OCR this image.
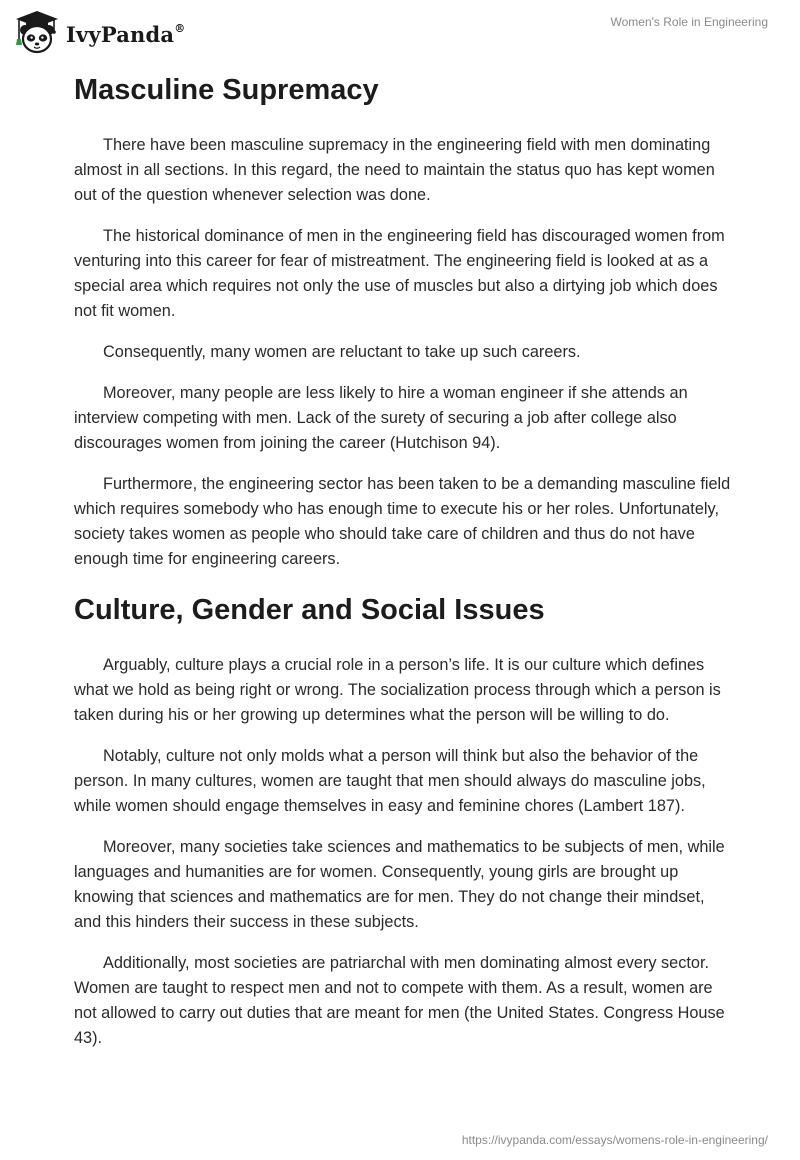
IvyPanda®	Women's Role in Engineering
Masculine Supremacy

There have been masculine supremacy in the engineering field with men dominating almost in all sections. In this regard, the need to maintain the status quo has kept women out of the question whenever selection was done.

The historical dominance of men in the engineering field has discouraged women from venturing into this career for fear of mistreatment. The engineering field is looked at as a special area which requires not only the use of muscles but also a dirtying job which does not fit women.

Consequently, many women are reluctant to take up such careers.

Moreover, many people are less likely to hire a woman engineer if she attends an interview competing with men. Lack of the surety of securing a job after college also discourages women from joining the career (Hutchison 94).

Furthermore, the engineering sector has been taken to be a demanding masculine field which requires somebody who has enough time to execute his or her roles. Unfortunately, society takes women as people who should take care of children and thus do not have enough time for engineering careers.

Culture, Gender and Social Issues

Arguably, culture plays a crucial role in a person’s life. It is our culture which defines what we hold as being right or wrong. The socialization process through which a person is taken during his or her growing up determines what the person will be willing to do.

Notably, culture not only molds what a person will think but also the behavior of the person. In many cultures, women are taught that men should always do masculine jobs, while women should engage themselves in easy and feminine chores (Lambert 187).

Moreover, many societies take sciences and mathematics to be subjects of men, while languages and humanities are for women. Consequently, young girls are brought up knowing that sciences and mathematics are for men. They do not change their mindset, and this hinders their success in these subjects.

Additionally, most societies are patriarchal with men dominating almost every sector. Women are taught to respect men and not to compete with them. As a result, women are not allowed to carry out duties that are meant for men (the United States. Congress House 43).

https://ivypanda.com/essays/womens-role-in-engineering/
